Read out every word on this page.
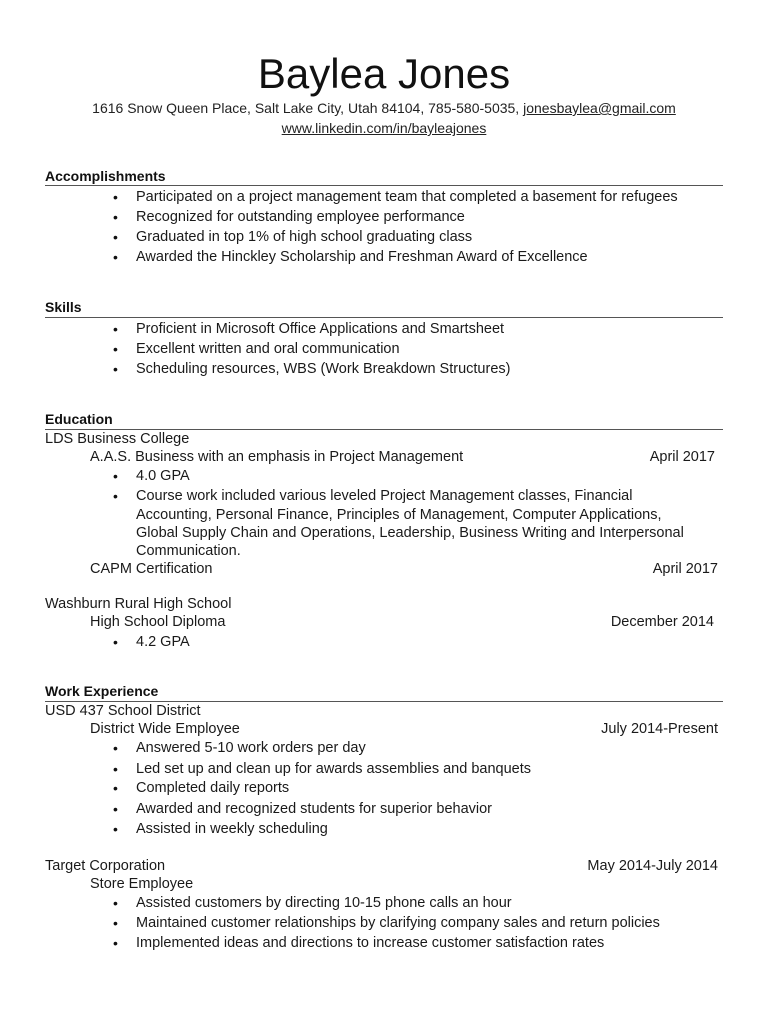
Baylea Jones
1616 Snow Queen Place, Salt Lake City, Utah 84104, 785-580-5035, jonesbaylea@gmail.com
www.linkedin.com/in/bayleajones
Accomplishments
• Participated on a project management team that completed a basement for refugees
• Recognized for outstanding employee performance
• Graduated in top 1% of high school graduating class
• Awarded the Hinckley Scholarship and Freshman Award of Excellence
Skills
• Proficient in Microsoft Office Applications and Smartsheet
• Excellent written and oral communication
• Scheduling resources, WBS (Work Breakdown Structures)
Education
LDS Business College
A.A.S. Business with an emphasis in Project Management	April 2017
• 4.0 GPA
• Course work included various leveled Project Management classes, Financial
Accounting, Personal Finance, Principles of Management, Computer Applications,
Global Supply Chain and Operations, Leadership, Business Writing and Interpersonal
Communication.
CAPM Certification	April 2017
Washburn Rural High School
High School Diploma	December 2014
• 4.2 GPA
Work Experience
USD 437 School District
District Wide Employee	July 2014-Present
• Answered 5-10 work orders per day
• Led set up and clean up for awards assemblies and banquets
• Completed daily reports
• Awarded and recognized students for superior behavior
• Assisted in weekly scheduling
Target Corporation	May 2014-July 2014
Store Employee
• Assisted customers by directing 10-15 phone calls an hour
• Maintained customer relationships by clarifying company sales and return policies
• Implemented ideas and directions to increase customer satisfaction rates
